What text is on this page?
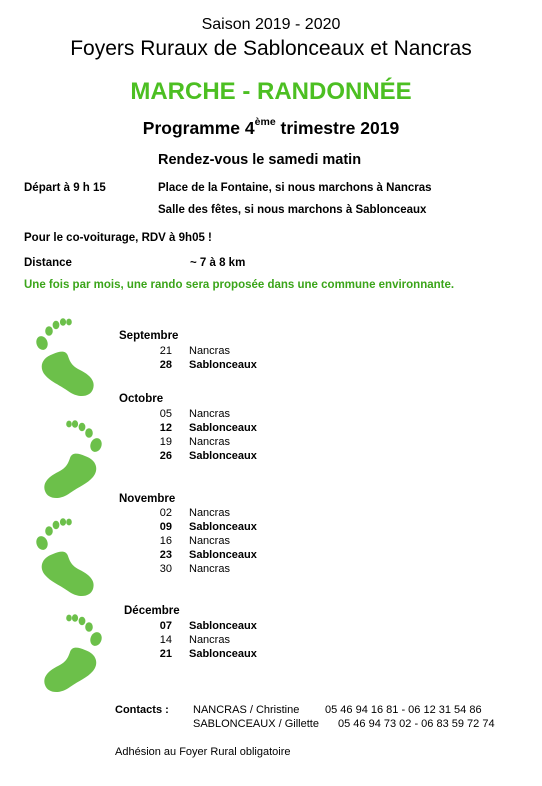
Saison 2019 - 2020
Foyers Ruraux de Sablonceaux et Nancras
MARCHE - RANDONNÉE
Programme 4ème trimestre 2019
Rendez-vous le samedi matin
Départ à 9 h 15	Place de la Fontaine, si nous marchons à Nancras
Salle des fêtes, si nous marchons à Sablonceaux
Pour le co-voiturage, RDV à 9h05 !
Distance	~ 7 à 8 km
Une fois par mois, une rando sera proposée dans une commune environnante.
Septembre
21 Nancras
28 Sablonceaux
Octobre
05 Nancras
12 Sablonceaux
19 Nancras
26 Sablonceaux
Novembre
02 Nancras
09 Sablonceaux
16 Nancras
23 Sablonceaux
30 Nancras
Décembre
07 Sablonceaux
14 Nancras
21 Sablonceaux
Contacts : NANCRAS / Christine 05 46 94 16 81 - 06 12 31 54 86
SABLONCEAUX / Gillette 05 46 94 73 02 - 06 83 59 72 74
Adhésion au Foyer Rural obligatoire
